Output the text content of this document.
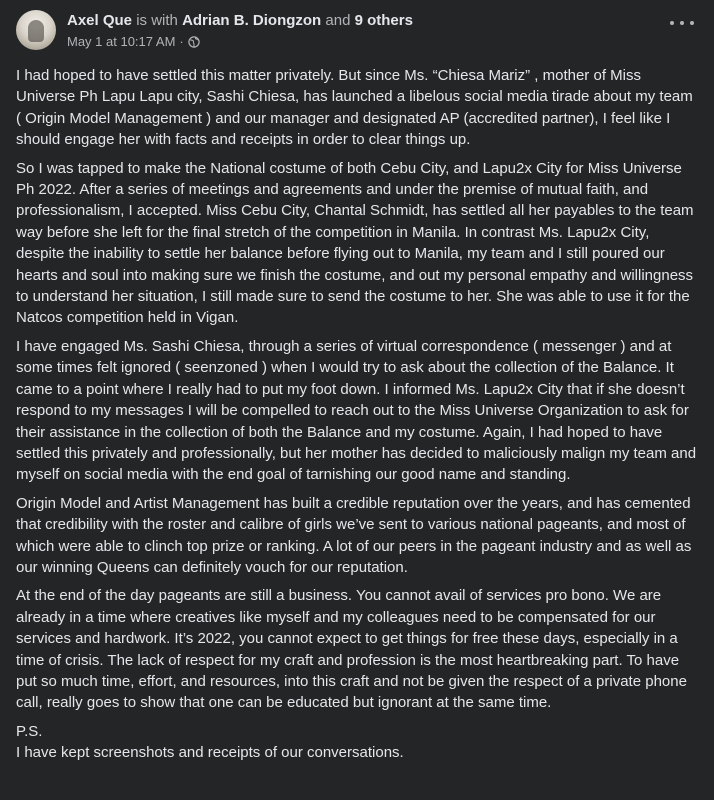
Axel Que is with Adrian B. Diongzon and 9 others
May 1 at 10:17 AM ·

I had hoped to have settled this matter privately. But since Ms. “Chiesa Mariz” , mother of Miss Universe Ph Lapu Lapu city, Sashi Chiesa, has launched a libelous social media tirade about my team ( Origin Model Management ) and our manager and designated AP (accredited partner), I feel like I should engage her with facts and receipts in order to clear things up.

So I was tapped to make the National costume of both Cebu City, and Lapu2x City for Miss Universe Ph 2022. After a series of meetings and agreements and under the premise of mutual faith, and professionalism, I accepted. Miss Cebu City, Chantal Schmidt, has settled all her payables to the team way before she left for the final stretch of the competition in Manila. In contrast Ms. Lapu2x City, despite the inability to settle her balance before flying out to Manila, my team and I still poured our hearts and soul into making sure we finish the costume, and out my personal empathy and willingness to understand her situation, I still made sure to send the costume to her. She was able to use it for the Natcos competition held in Vigan.

I have engaged Ms. Sashi Chiesa, through a series of virtual correspondence ( messenger ) and at some times felt ignored ( seenzoned ) when I would try to ask about the collection of the Balance. It came to a point where I really had to put my foot down. I informed Ms. Lapu2x City that if she doesn’t respond to my messages I will be compelled to reach out to the Miss Universe Organization to ask for their assistance in the collection of both the Balance and my costume. Again, I had hoped to have settled this privately and professionally, but her mother has decided to maliciously malign my team and myself on social media with the end goal of tarnishing our good name and standing.

Origin Model and Artist Management has built a credible reputation over the years, and has cemented that credibility with the roster and calibre of girls we’ve sent to various national pageants, and most of which were able to clinch top prize or ranking. A lot of our peers in the pageant industry and as well as our winning Queens can definitely vouch for our reputation.

At the end of the day pageants are still a business. You cannot avail of services pro bono. We are already in a time where creatives like myself and my colleagues need to be compensated for our services and hardwork. It’s 2022, you cannot expect to get things for free these days, especially in a time of crisis. The lack of respect for my craft and profession is the most heartbreaking part. To have put so much time, effort, and resources, into this craft and not be given the respect of a private phone call, really goes to show that one can be educated but ignorant at the same time.

P.S.
I have kept screenshots and receipts of our conversations.
